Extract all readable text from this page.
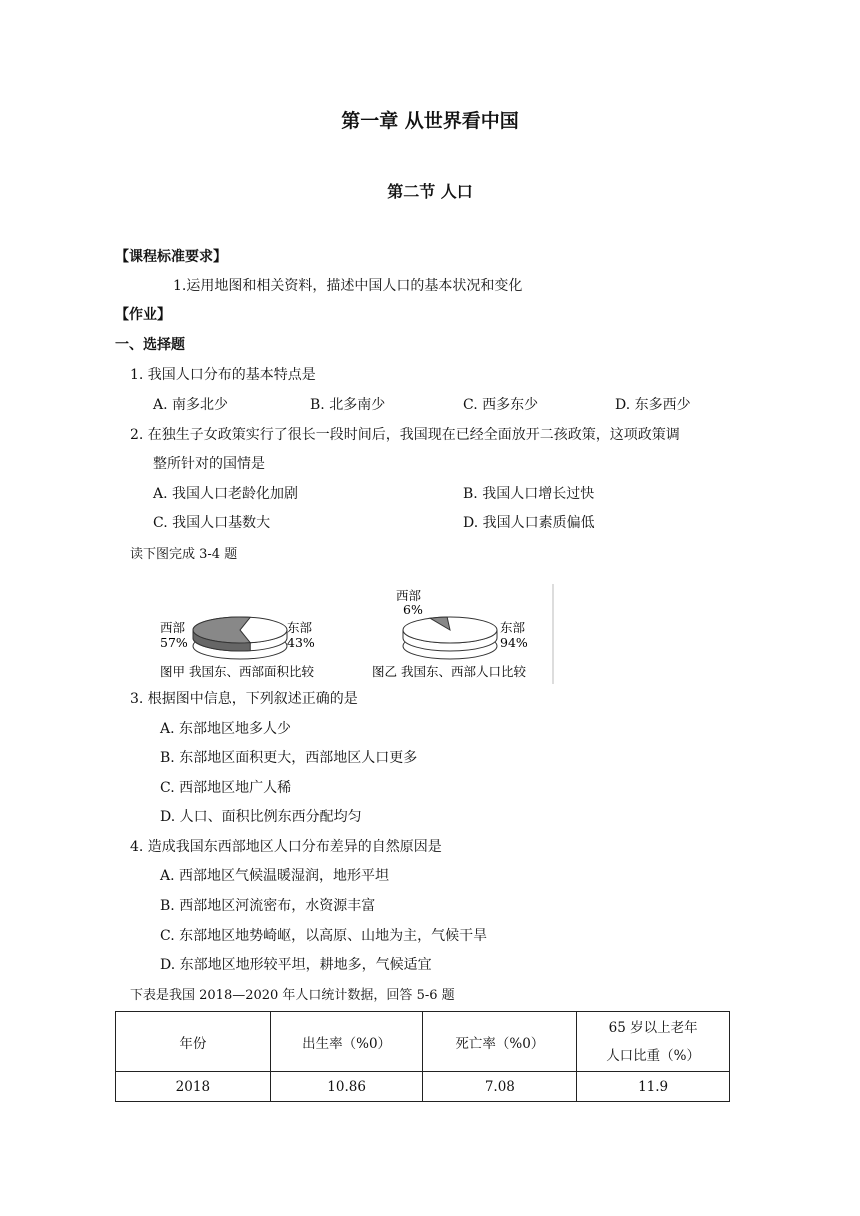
第一章 从世界看中国
第二节 人口
【课程标准要求】
1.运用地图和相关资料，描述中国人口的基本状况和变化
【作业】
一、选择题
1. 我国人口分布的基本特点是
A. 南多北少	B. 北多南少	C. 西多东少	D. 东多西少
2. 在独生子女政策实行了很长一段时间后，我国现在已经全面放开二孩政策，这项政策调
整所针对的国情是
A. 我国人口老龄化加剧	B. 我国人口增长过快
C. 我国人口基数大	D. 我国人口素质偏低
读下图完成 3-4 题
西部
57%
东部
43%
图甲 我国东、西部面积比较
西部
6%
东部
94%
图乙 我国东、西部人口比较
3. 根据图中信息，下列叙述正确的是
A. 东部地区地多人少
B. 东部地区面积更大，西部地区人口更多
C. 西部地区地广人稀
D. 人口、面积比例东西分配均匀
4. 造成我国东西部地区人口分布差异的自然原因是
A. 西部地区气候温暖湿润，地形平坦
B. 西部地区河流密布，水资源丰富
C. 东部地区地势崎岖，以高原、山地为主，气候干旱
D. 东部地区地形较平坦，耕地多，气候适宜
下表是我国 2018—2020 年人口统计数据，回答 5-6 题
年份	出生率（%0）	死亡率（%0）	65 岁以上老年
人口比重（%）

2018	10.86	7.08	11.9
